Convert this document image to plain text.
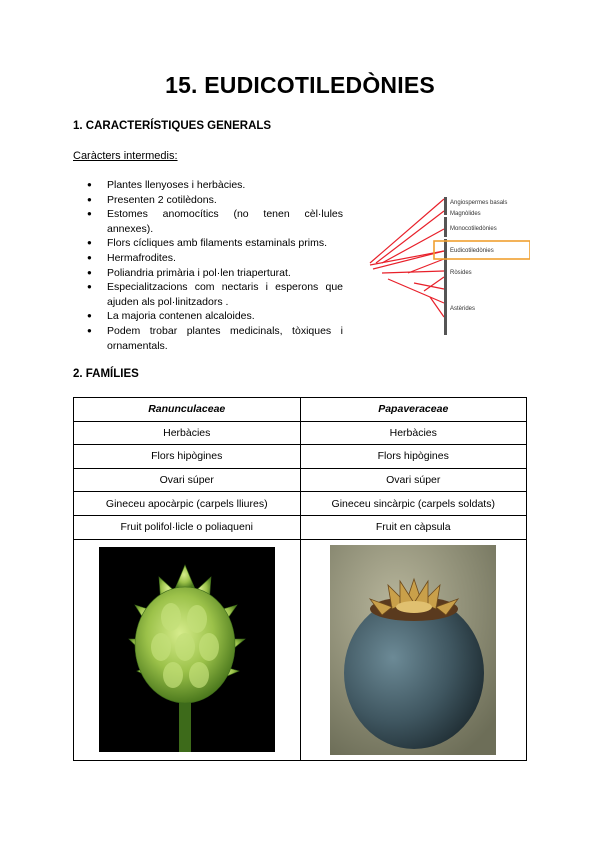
15. EUDICOTILEDÒNIES
1. CARACTERÍSTIQUES GENERALS
Caràcters intermedis:
● Plantes llenyoses i herbàcies.
● Presenten 2 cotilèdons.
● Estomes anomocítics (no tenen cèl·lules annexes).
● Flors cícliques amb filaments estaminals prims.
● Hermafrodites.
● Poliandria primària i pol·len triaperturat.
● Especialitzacions com nectaris i esperons que ajuden als pol·linitzadors .
● La majoria contenen alcaloides.
● Podem trobar plantes medicinals, tòxiques i ornamentals.
Angiospermes basals
Magnòlides
Monocotiledònies
Eudicotiledònies
Ròsides
Astèrides
2. FAMÍLIES
Ranunculaceae	Papaveraceae
Herbàcies	Herbàcies
Flors hipògines	Flors hipògines
Ovari súper	Ovari súper
Gineceu apocàrpic (carpels lliures)	Gineceu sincàrpic (carpels soldats)
Fruit polifol·licle o poliaqueni	Fruit en càpsula
